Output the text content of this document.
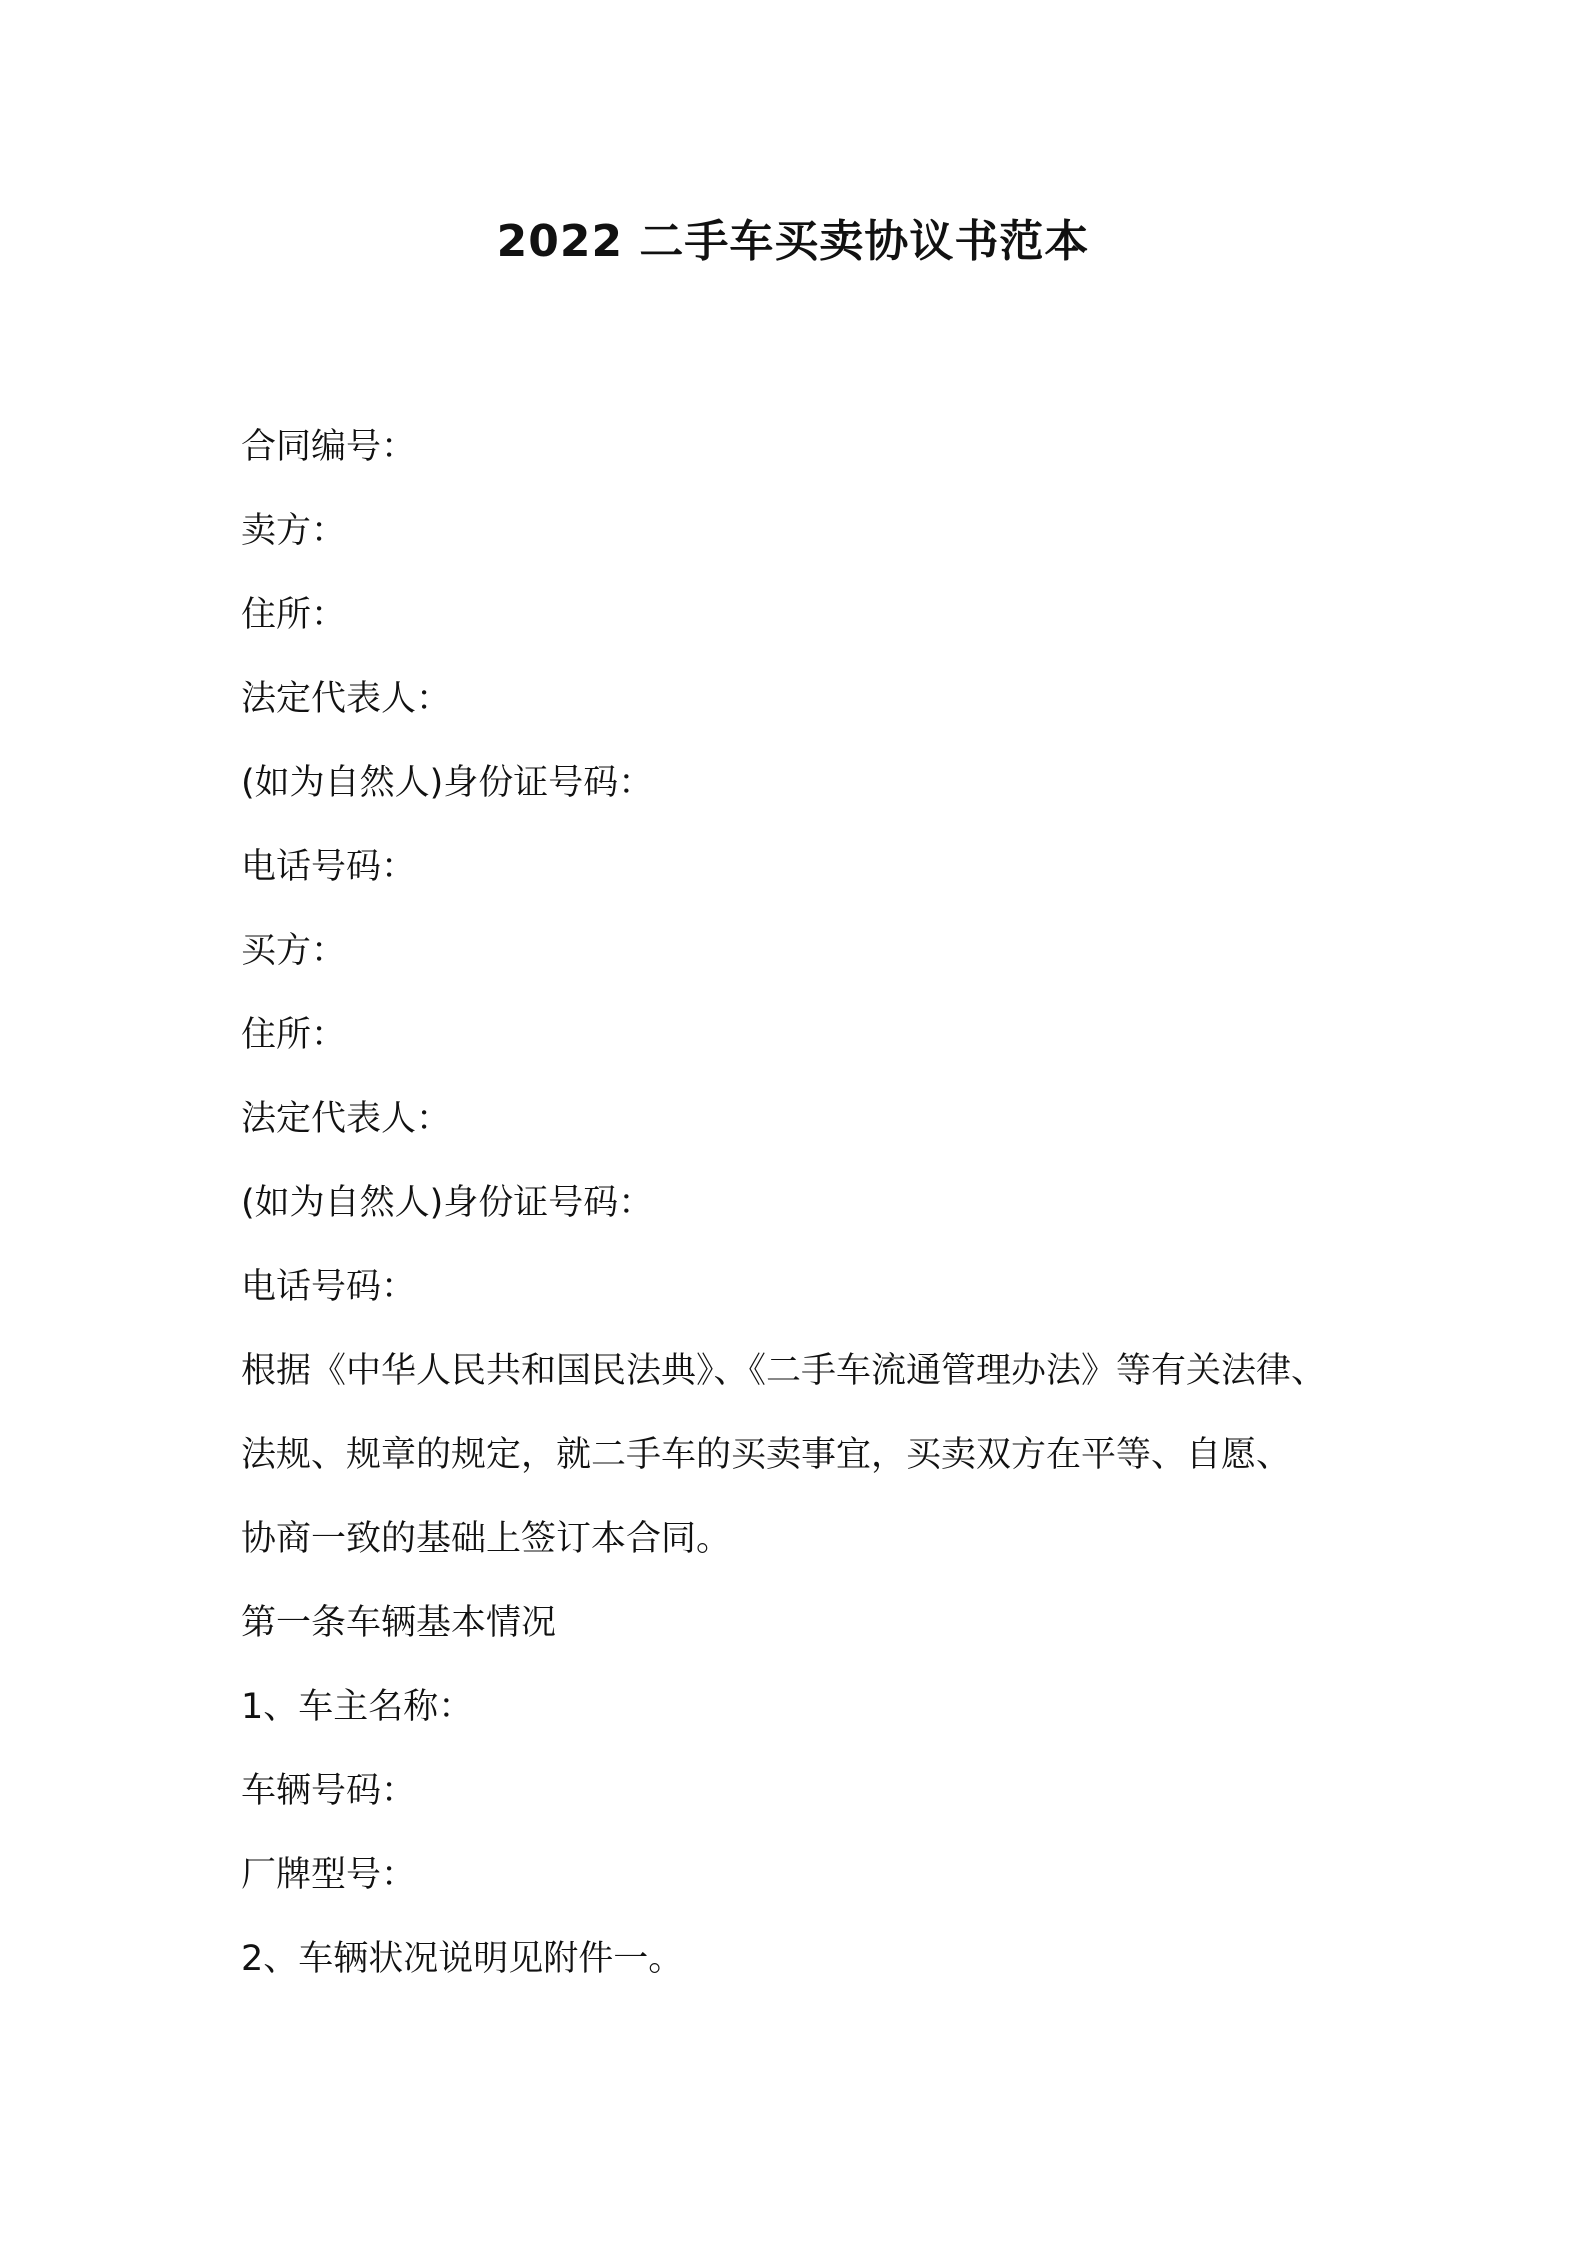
2022 二手车买卖协议书范本

合同编号：

卖方：

住所：

法定代表人：

(如为自然人)身份证号码：

电话号码：

买方：

住所：

法定代表人：

(如为自然人)身份证号码：

电话号码：

根据《中华人民共和国民法典》、《二手车流通管理办法》等有关法律、

法规、规章的规定，就二手车的买卖事宜，买卖双方在平等、自愿、

协商一致的基础上签订本合同。

第一条车辆基本情况

1、车主名称：

车辆号码：

厂牌型号：

2、车辆状况说明见附件一。
